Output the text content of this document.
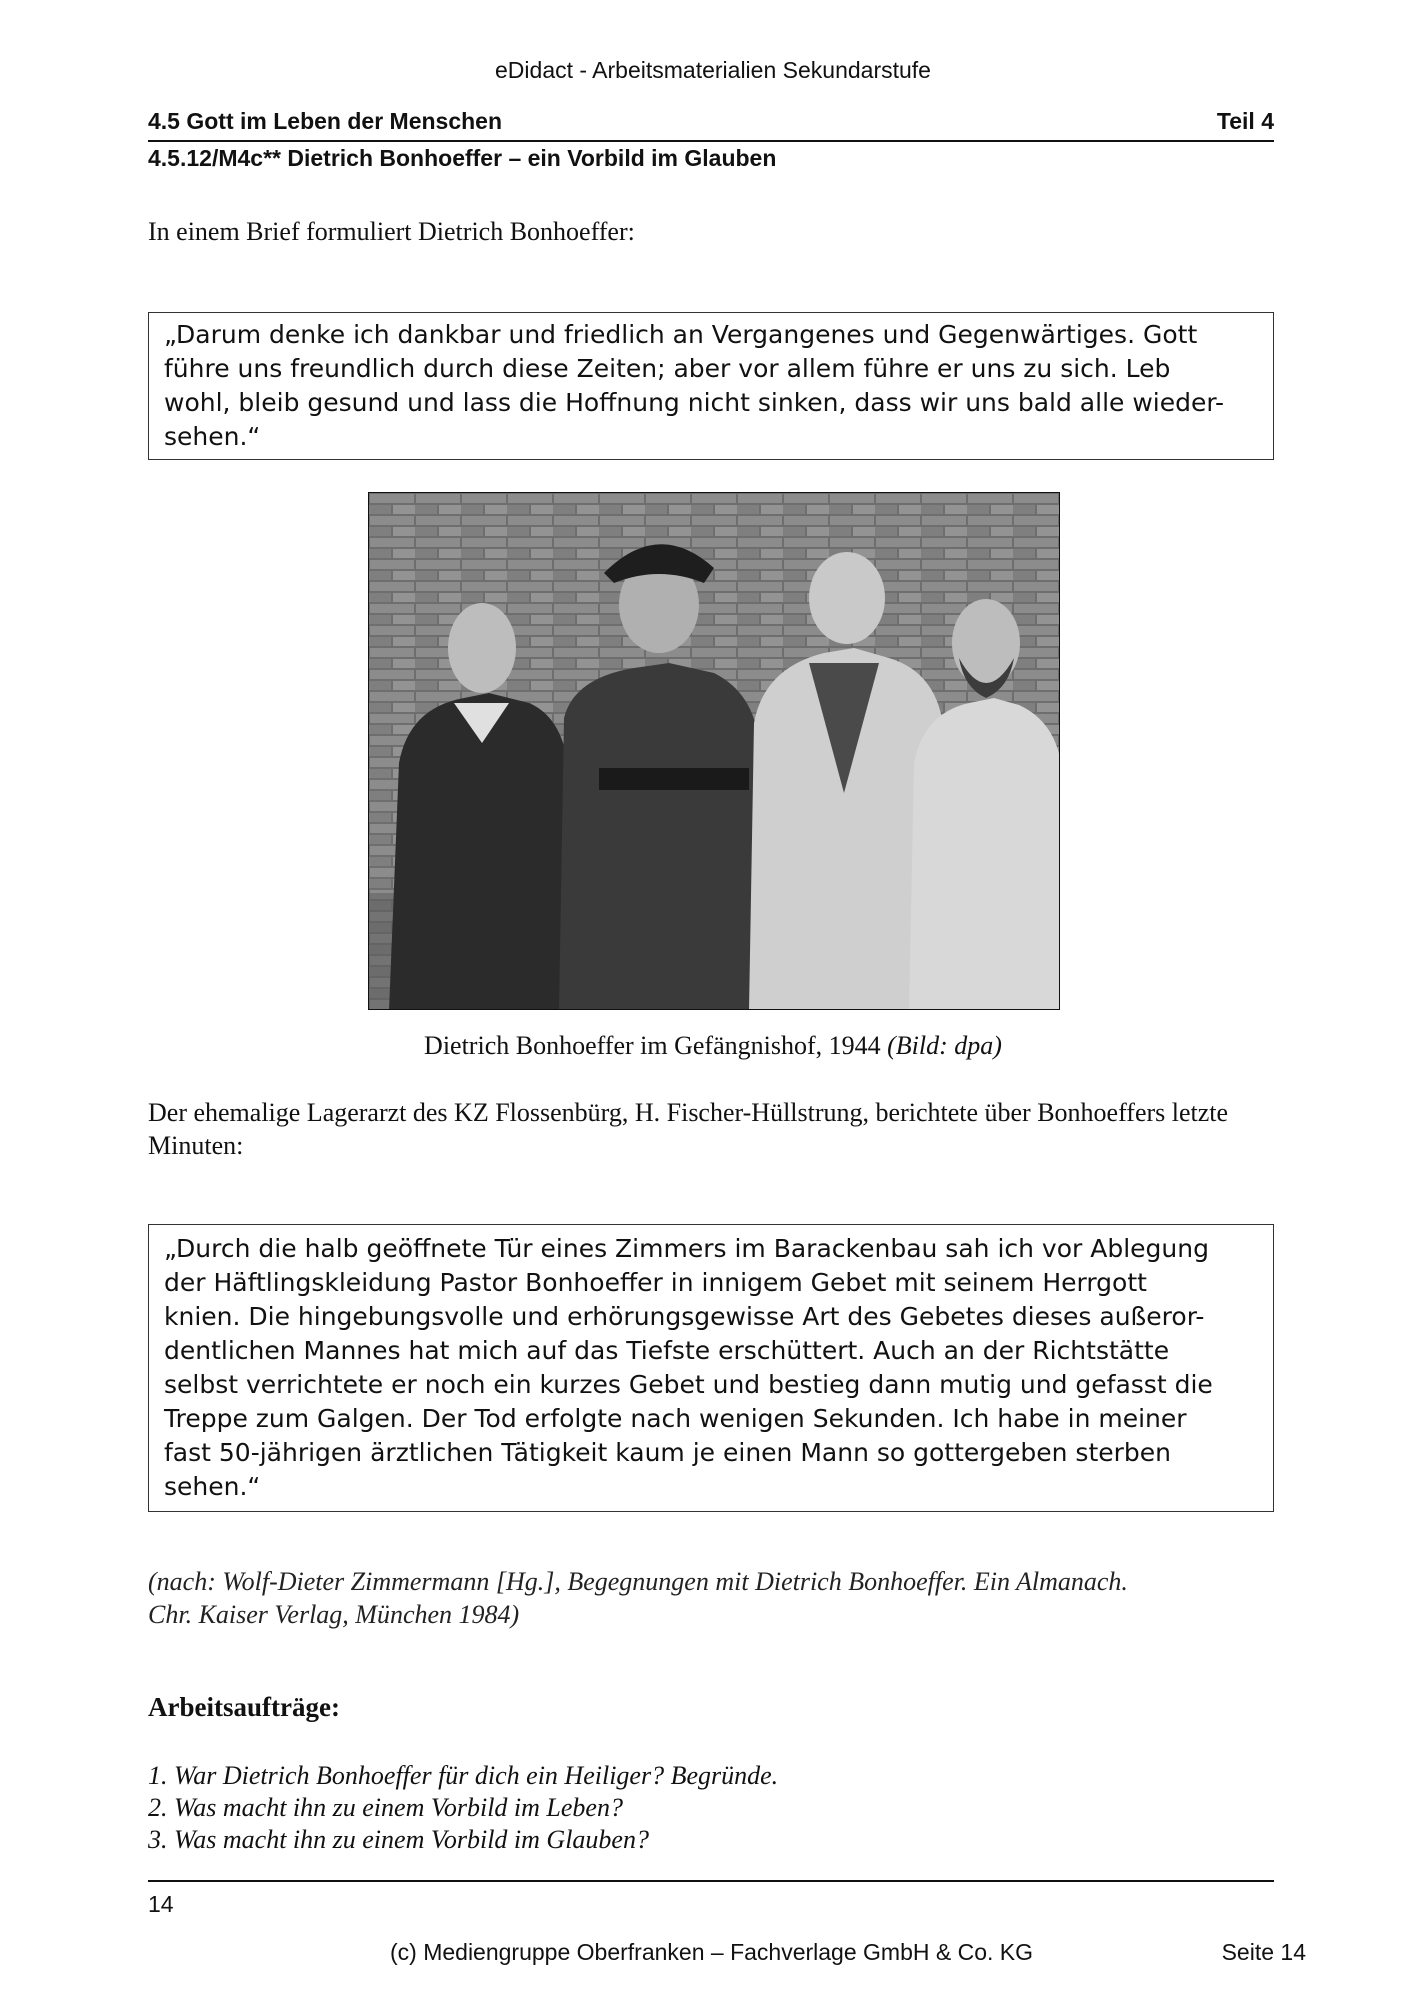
eDidact - Arbeitsmaterialien Sekundarstufe
4.5 Gott im Leben der Menschen	Teil 4
4.5.12/M4c** Dietrich Bonhoeffer – ein Vorbild im Glauben
In einem Brief formuliert Dietrich Bonhoeffer:

„Darum denke ich dankbar und friedlich an Vergangenes und Gegenwärtiges. Gott

führe uns freundlich durch diese Zeiten; aber vor allem führe er uns zu sich. Leb

wohl, bleib gesund und lass die Hoffnung nicht sinken, dass wir uns bald alle wieder-

sehen.“

Dietrich Bonhoeffer im Gefängnishof, 1944 (Bild: dpa)
Der ehemalige Lagerarzt des KZ Flossenbürg, H. Fischer-Hüllstrung, berichtete über Bonhoeffers letzte Minuten:

„Durch die halb geöffnete Tür eines Zimmers im Barackenbau sah ich vor Ablegung

der Häftlingskleidung Pastor Bonhoeffer in innigem Gebet mit seinem Herrgott

knien. Die hingebungsvolle und erhörungsgewisse Art des Gebetes dieses außeror-

dentlichen Mannes hat mich auf das Tiefste erschüttert. Auch an der Richtstätte

selbst verrichtete er noch ein kurzes Gebet und bestieg dann mutig und gefasst die

Treppe zum Galgen. Der Tod erfolgte nach wenigen Sekunden. Ich habe in meiner

fast 50-jährigen ärztlichen Tätigkeit kaum je einen Mann so gottergeben sterben

sehen.“

(nach: Wolf-Dieter Zimmermann [Hg.], Begegnungen mit Dietrich Bonhoeffer. Ein Almanach.
Chr. Kaiser Verlag, München 1984)
Arbeitsaufträge:
1. War Dietrich Bonhoeffer für dich ein Heiliger? Begründe.
2. Was macht ihn zu einem Vorbild im Leben?
3. Was macht ihn zu einem Vorbild im Glauben?
14
(c) Mediengruppe Oberfranken – Fachverlage GmbH & Co. KG	Seite 14
